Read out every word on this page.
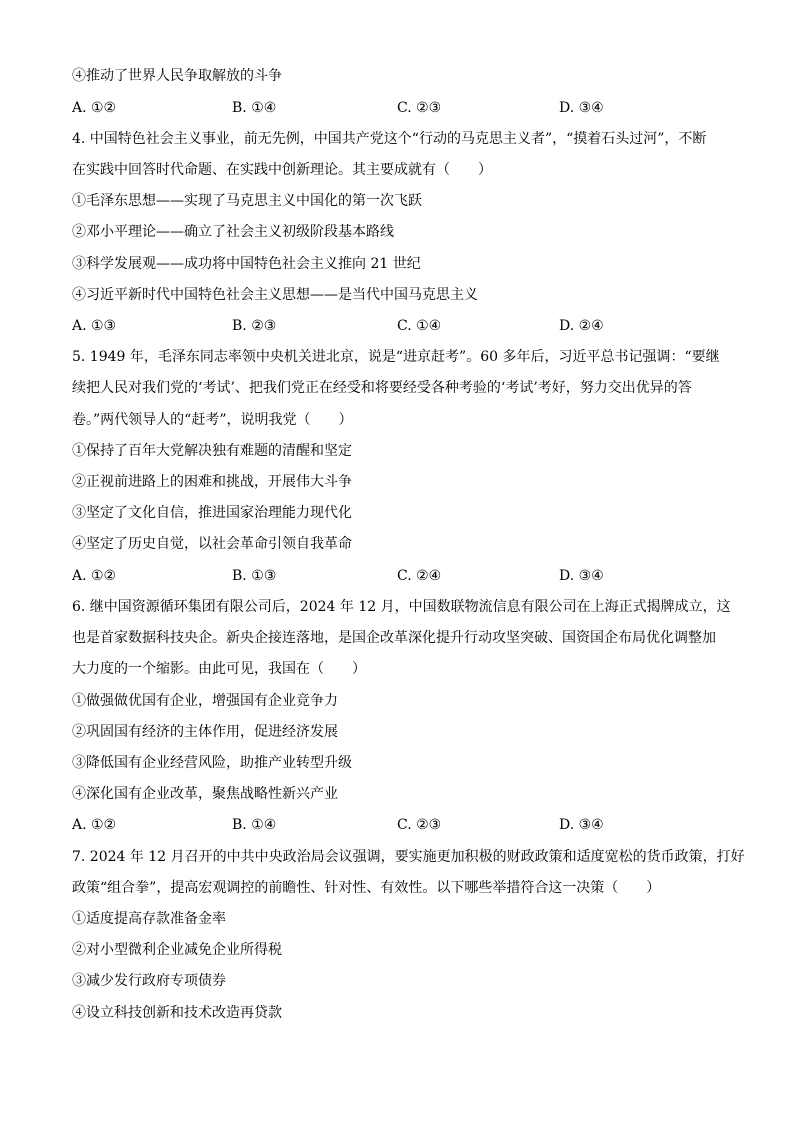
④推动了世界人民争取解放的斗争
A. ①②	B. ①④	C. ②③	D. ③④
4. 中国特色社会主义事业，前无先例，中国共产党这个“行动的马克思主义者”，“摸着石头过河”，不断
在实践中回答时代命题、在实践中创新理论。其主要成就有（　　）
①毛泽东思想——实现了马克思主义中国化的第一次飞跃
②邓小平理论——确立了社会主义初级阶段基本路线
③科学发展观——成功将中国特色社会主义推向 21 世纪
④习近平新时代中国特色社会主义思想——是当代中国马克思主义
A. ①③	B. ②③	C. ①④	D. ②④
5. 1949 年，毛泽东同志率领中央机关进北京，说是“进京赶考”。60 多年后，习近平总书记强调：“要继
续把人民对我们党的‘考试’、把我们党正在经受和将要经受各种考验的‘考试’考好，努力交出优异的答
卷。”两代领导人的“赶考”，说明我党（　　）
①保持了百年大党解决独有难题的清醒和坚定
②正视前进路上的困难和挑战，开展伟大斗争
③坚定了文化自信，推进国家治理能力现代化
④坚定了历史自觉，以社会革命引领自我革命
A. ①②	B. ①③	C. ②④	D. ③④
6. 继中国资源循环集团有限公司后，2024 年 12 月，中国数联物流信息有限公司在上海正式揭牌成立，这
也是首家数据科技央企。新央企接连落地，是国企改革深化提升行动攻坚突破、国资国企布局优化调整加
大力度的一个缩影。由此可见，我国在（　　）
①做强做优国有企业，增强国有企业竞争力
②巩固国有经济的主体作用，促进经济发展
③降低国有企业经营风险，助推产业转型升级
④深化国有企业改革，聚焦战略性新兴产业
A. ①②	B. ①④	C. ②③	D. ③④
7. 2024 年 12 月召开的中共中央政治局会议强调，要实施更加积极的财政政策和适度宽松的货币政策，打好
政策“组合拳”，提高宏观调控的前瞻性、针对性、有效性。以下哪些举措符合这一决策（　　）
①适度提高存款准备金率
②对小型微利企业减免企业所得税
③减少发行政府专项债券
④设立科技创新和技术改造再贷款
